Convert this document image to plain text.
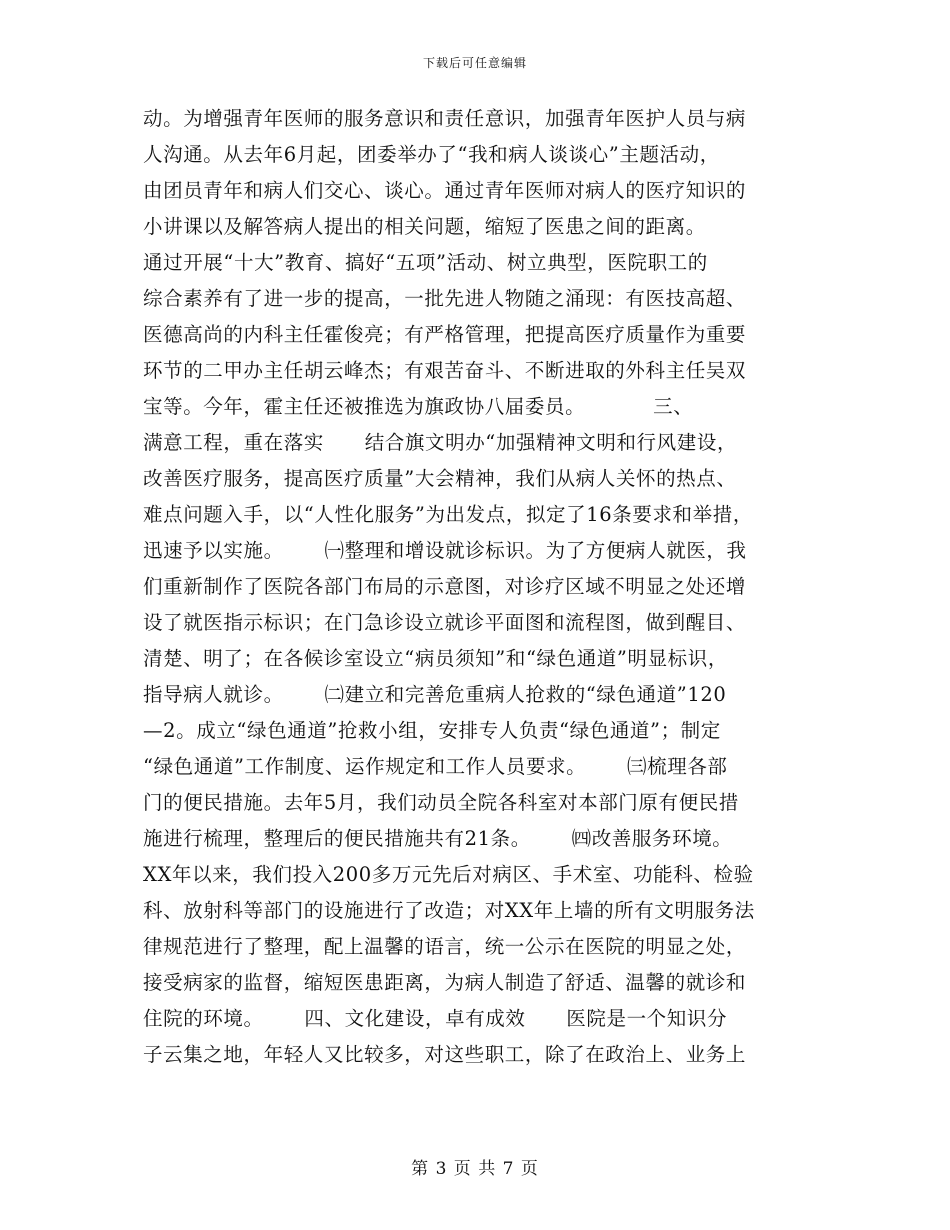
下载后可任意编辑
动。为增强青年医师的服务意识和责任意识，加强青年医护人员与病
人沟通。从去年6月起，团委举办了“我和病人谈谈心”主题活动，
由团员青年和病人们交心、谈心。通过青年医师对病人的医疗知识的
小讲课以及解答病人提出的相关问题，缩短了医患之间的距离。
通过开展“十大”教育、搞好“五项”活动、树立典型，医院职工的
综合素养有了进一步的提高，一批先进人物随之涌现：有医技高超、
医德高尚的内科主任霍俊亮；有严格管理，把提高医疗质量作为重要
环节的二甲办主任胡云峰杰；有艰苦奋斗、不断进取的外科主任吴双
宝等。今年，霍主任还被推选为旗政协八届委员。          三、
满意工程，重在落实      结合旗文明办“加强精神文明和行风建设，
改善医疗服务，提高医疗质量”大会精神，我们从病人关怀的热点、
难点问题入手，以“人性化服务”为出发点，拟定了16条要求和举措，
迅速予以实施。      ㈠整理和增设就诊标识。为了方便病人就医，我
们重新制作了医院各部门布局的示意图，对诊疗区域不明显之处还增
设了就医指示标识；在门急诊设立就诊平面图和流程图，做到醒目、
清楚、明了；在各候诊室设立“病员须知”和“绿色通道”明显标识，
指导病人就诊。      ㈡建立和完善危重病人抢救的“绿色通道”120
—2。成立“绿色通道”抢救小组，安排专人负责“绿色通道”；制定
“绿色通道”工作制度、运作规定和工作人员要求。      ㈢梳理各部
门的便民措施。去年5月，我们动员全院各科室对本部门原有便民措
施进行梳理，整理后的便民措施共有21条。      ㈣改善服务环境。
XX年以来，我们投入200多万元先后对病区、手术室、功能科、检验
科、放射科等部门的设施进行了改造；对XX年上墙的所有文明服务法
律规范进行了整理，配上温馨的语言，统一公示在医院的明显之处，
接受病家的监督，缩短医患距离，为病人制造了舒适、温馨的就诊和
住院的环境。      四、文化建设，卓有成效      医院是一个知识分
子云集之地，年轻人又比较多，对这些职工，除了在政治上、业务上
第 3 页 共 7 页
